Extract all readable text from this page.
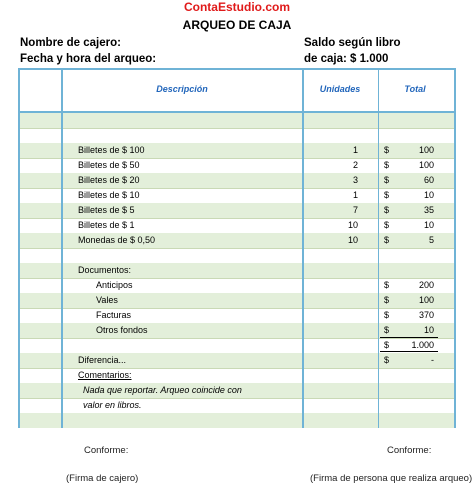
ContaEstudio.com
ARQUEO DE CAJA
Nombre de cajero:
Fecha y hora del arqueo:
Saldo según libro
de caja: $ 1.000
Descripción	Unidades	Total
Billetes de $ 100	1	$	100
Billetes de $ 50	2	$	100
Billetes de $ 20	3	$	60
Billetes de $ 10	1	$	10
Billetes de $ 5	7	$	35
Billetes de $ 1	10	$	10
Monedas de $ 0,50	10	$	5
Documentos:
Anticipos	$	200
Vales	$	100
Facturas	$	370
Otros fondos	$	10
$	1.000
Diferencia...	$	-
Comentarios:
Nada que reportar. Arqueo coincide con
valor en libros.
Conforme:	Conforme:
(Firma de cajero)	(Firma de persona que realiza arqueo)
